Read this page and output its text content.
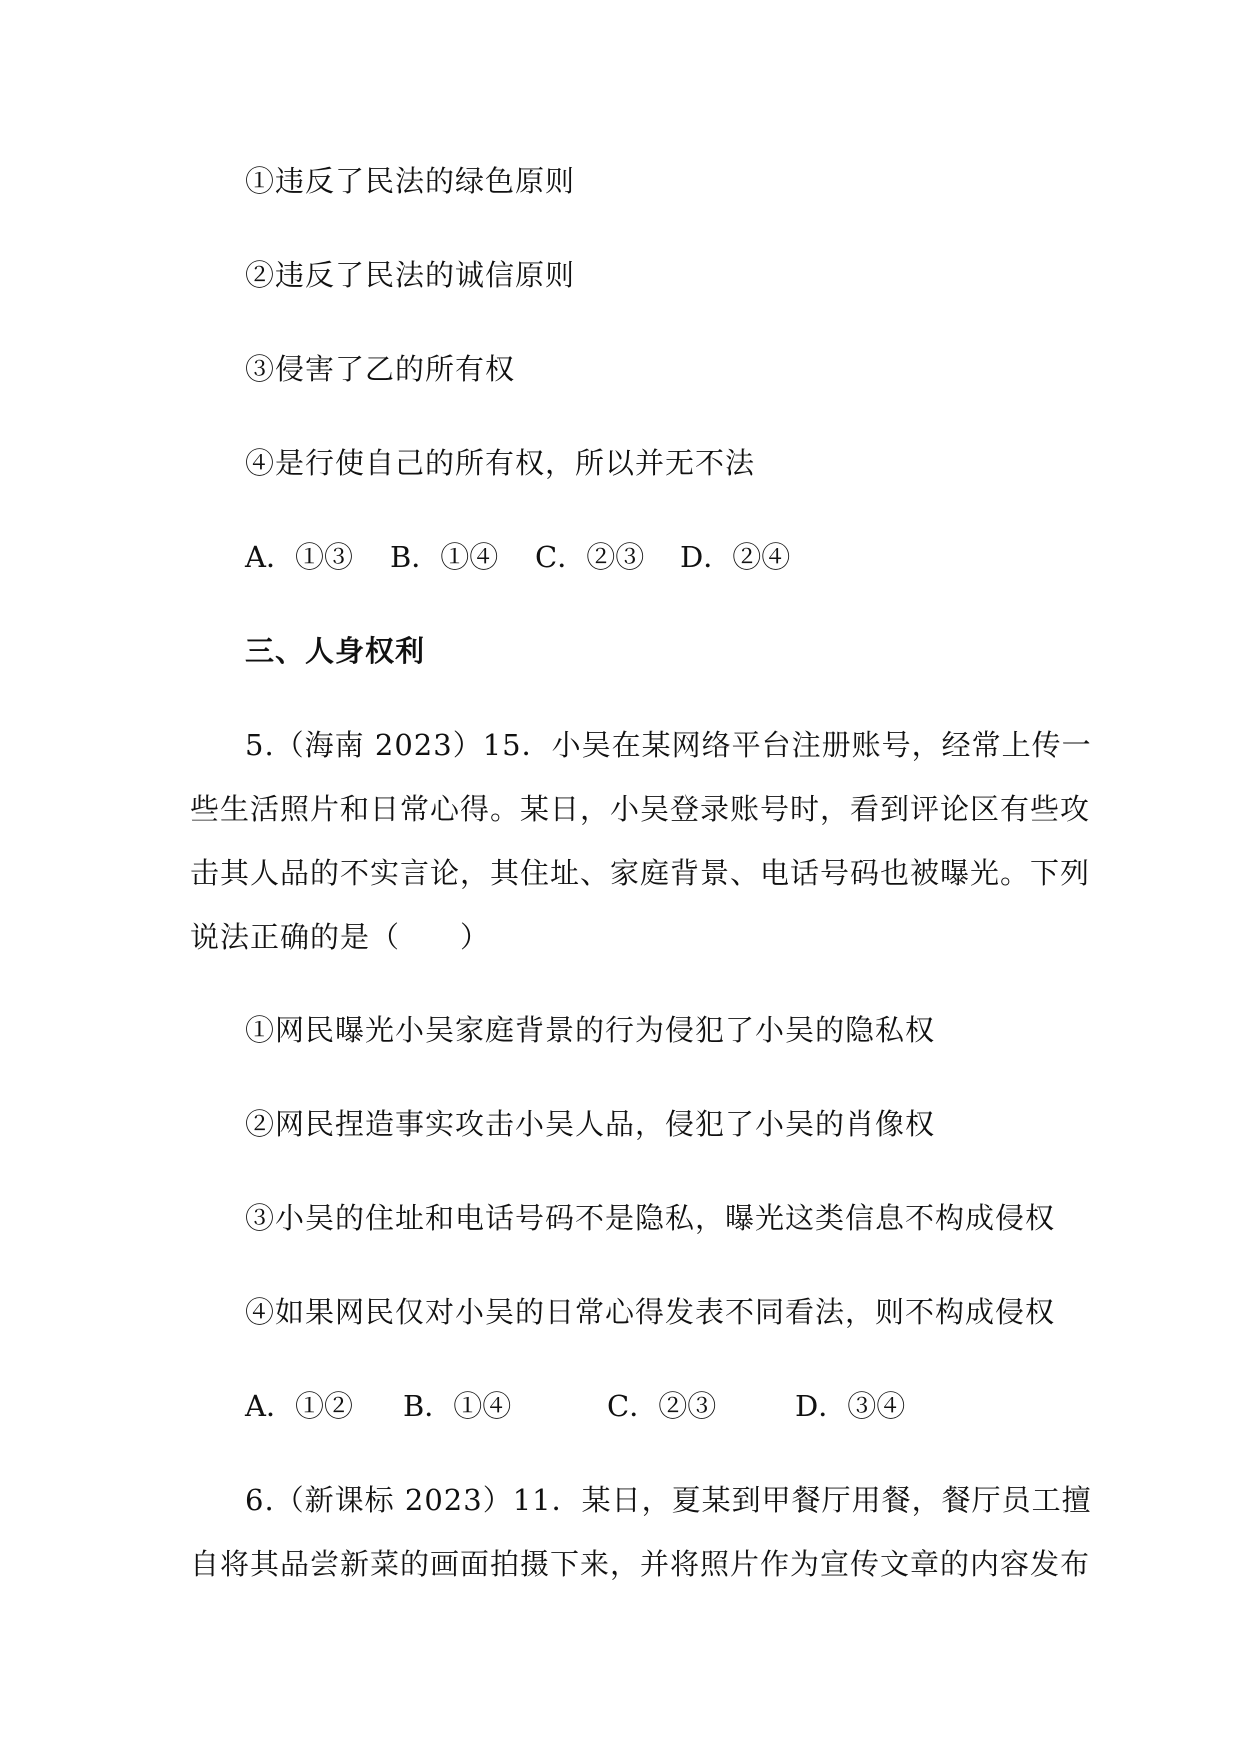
①违反了民法的绿色原则
②违反了民法的诚信原则
③侵害了乙的所有权
④是行使自己的所有权，所以并无不法
A．①③ B．①④ C．②③ D．②④
三、人身权利
5.（海南 2023）15．小吴在某网络平台注册账号，经常上传一
些生活照片和日常心得。某日，小吴登录账号时，看到评论区有些攻
击其人品的不实言论，其住址、家庭背景、电话号码也被曝光。下列
说法正确的是（　　）
①网民曝光小吴家庭背景的行为侵犯了小吴的隐私权
②网民捏造事实攻击小吴人品，侵犯了小吴的肖像权
③小吴的住址和电话号码不是隐私，曝光这类信息不构成侵权
④如果网民仅对小吴的日常心得发表不同看法，则不构成侵权
A．①② B．①④	C．②③	D．③④
6.（新课标 2023）11．某日，夏某到甲餐厅用餐，餐厅员工擅
自将其品尝新菜的画面拍摄下来，并将照片作为宣传文章的内容发布
